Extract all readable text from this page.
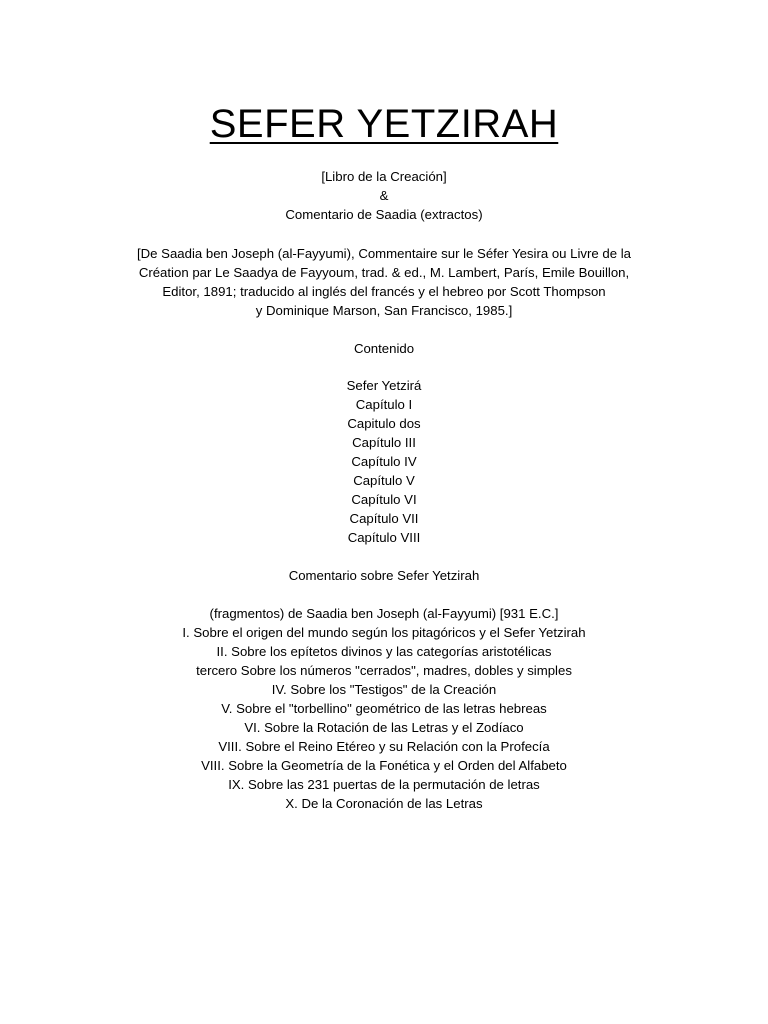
SEFER YETZIRAH
[Libro de la Creación]
&
Comentario de Saadia (extractos)
[De Saadia ben Joseph (al-Fayyumi), Commentaire sur le Séfer Yesira ou Livre de la
Création par Le Saadya de Fayyoum, trad. & ed., M. Lambert, París, Emile Bouillon,
Editor, 1891; traducido al inglés del francés y el hebreo por Scott Thompson
y Dominique Marson, San Francisco, 1985.]
Contenido
Sefer Yetzirá
Capítulo I
Capitulo dos
Capítulo III
Capítulo IV
Capítulo V
Capítulo VI
Capítulo VII
Capítulo VIII
Comentario sobre Sefer Yetzirah
(fragmentos) de Saadia ben Joseph (al-Fayyumi) [931 E.C.]
I. Sobre el origen del mundo según los pitagóricos y el Sefer Yetzirah
II. Sobre los epítetos divinos y las categorías aristotélicas
tercero Sobre los números "cerrados", madres, dobles y simples
IV. Sobre los "Testigos" de la Creación
V. Sobre el "torbellino" geométrico de las letras hebreas
VI. Sobre la Rotación de las Letras y el Zodíaco
VIII. Sobre el Reino Etéreo y su Relación con la Profecía
VIII. Sobre la Geometría de la Fonética y el Orden del Alfabeto
IX. Sobre las 231 puertas de la permutación de letras
X. De la Coronación de las Letras
